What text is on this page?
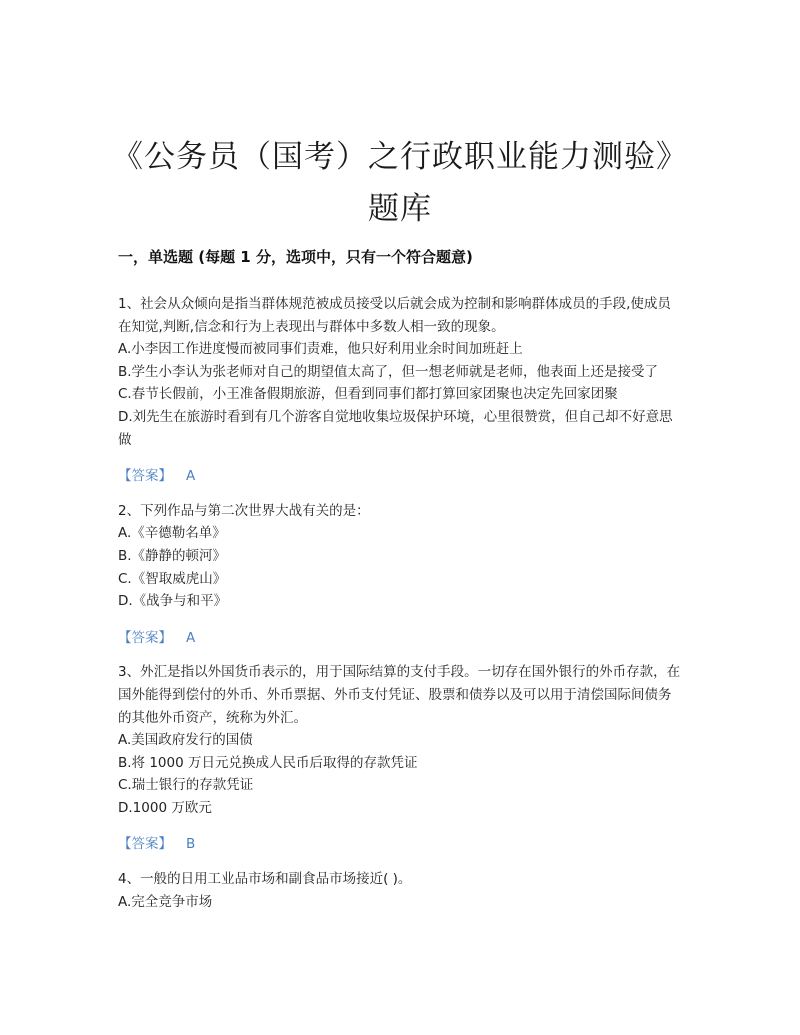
《公务员（国考）之行政职业能力测验》题库
一，单选题 (每题 1 分，选项中，只有一个符合题意)

1、社会从众倾向是指当群体规范被成员接受以后就会成为控制和影响群体成员的手段,使成员在知觉,判断,信念和行为上表现出与群体中多数人相一致的现象。

A.小李因工作进度慢而被同事们责难，他只好利用业余时间加班赶上

B.学生小李认为张老师对自己的期望值太高了，但一想老师就是老师，他表面上还是接受了

C.春节长假前，小王准备假期旅游，但看到同事们都打算回家团聚也决定先回家团聚

D.刘先生在旅游时看到有几个游客自觉地收集垃圾保护环境，心里很赞赏，但自己却不好意思做

【答案】 A

2、下列作品与第二次世界大战有关的是：

A.《辛德勒名单》

B.《静静的顿河》

C.《智取威虎山》

D.《战争与和平》

【答案】 A

3、外汇是指以外国货币表示的，用于国际结算的支付手段。一切存在国外银行的外币存款，在国外能得到偿付的外币、外币票据、外币支付凭证、股票和债券以及可以用于清偿国际间债务的其他外币资产，统称为外汇。

A.美国政府发行的国债

B.将 1000 万日元兑换成人民币后取得的存款凭证

C.瑞士银行的存款凭证

D.1000 万欧元

【答案】 B

4、一般的日用工业品市场和副食品市场接近( )。

A.完全竞争市场
